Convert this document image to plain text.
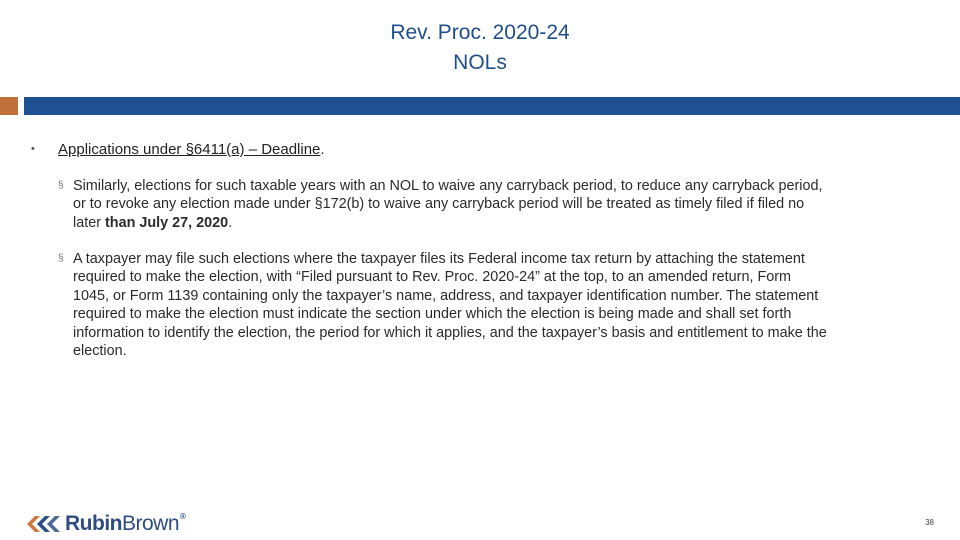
Rev. Proc. 2020-24
NOLs
• Applications under §6411(a) – Deadline.
§ Similarly, elections for such taxable years with an NOL to waive any carryback period, to reduce any carryback period, or to revoke any election made under §172(b) to waive any carryback period will be treated as timely filed if filed no later than July 27, 2020.
§ A taxpayer may file such elections where the taxpayer files its Federal income tax return by attaching the statement required to make the election, with “Filed pursuant to Rev. Proc. 2020-24” at the top, to an amended return, Form 1045, or Form 1139 containing only the taxpayer’s name, address, and taxpayer identification number. The statement required to make the election must indicate the section under which the election is being made and shall set forth information to identify the election, the period for which it applies, and the taxpayer’s basis and entitlement to make the election.
RubinBrown®
38
